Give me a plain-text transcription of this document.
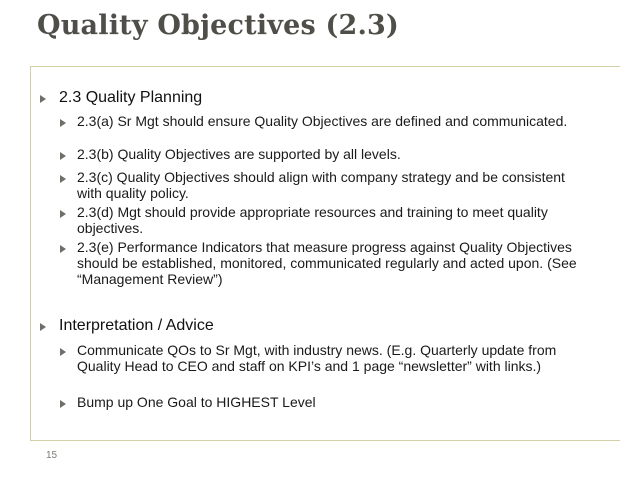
Quality Objectives (2.3)
2.3 Quality Planning
2.3(a) Sr Mgt should ensure Quality Objectives are defined and communicated.
2.3(b) Quality Objectives are supported by all levels.
2.3(c) Quality Objectives should align with company strategy and be consistent with quality policy.
2.3(d) Mgt should provide appropriate resources and training to meet quality objectives.
2.3(e) Performance Indicators that measure progress against Quality Objectives should be established, monitored, communicated regularly and acted upon. (See “Management Review”)
Interpretation / Advice
Communicate QOs to Sr Mgt, with industry news. (E.g. Quarterly update from Quality Head to CEO and staff on KPI’s and 1 page “newsletter” with links.)
Bump up One Goal to HIGHEST Level
15
